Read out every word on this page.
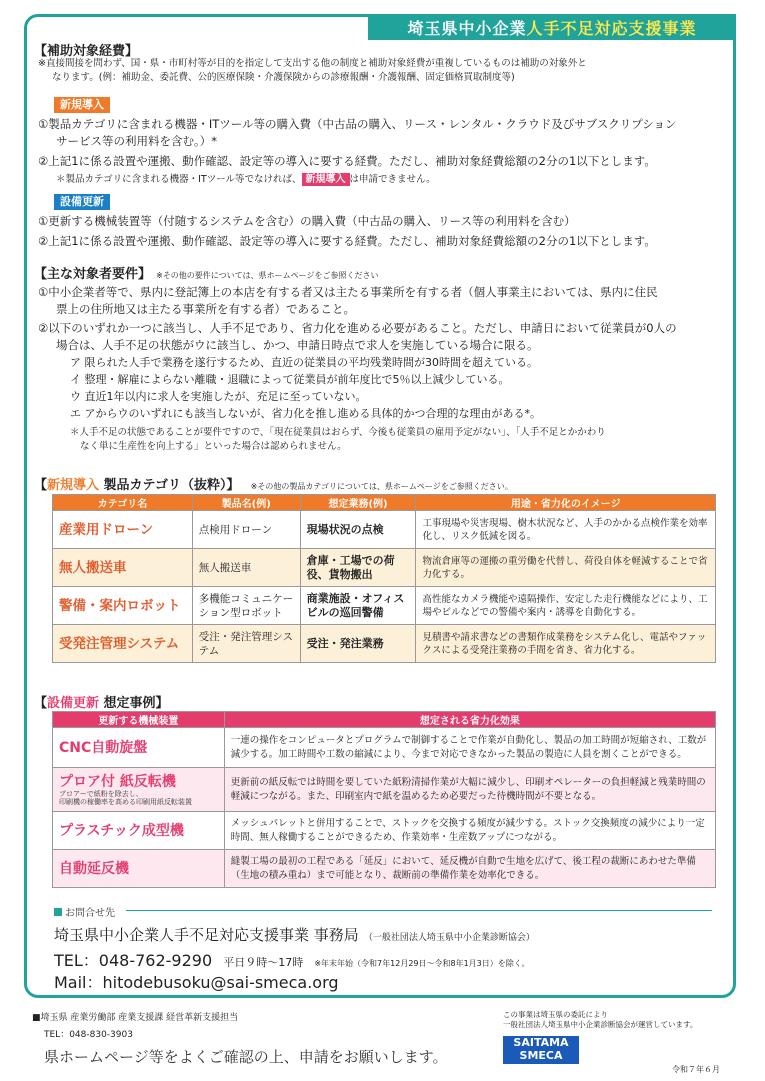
埼玉県中小企業 人手不足対応支援事業
【補助対象経費】
※直接間接を問わず、国・県・市町村等が目的を指定して支出する他の制度と補助対象経費が重複しているものは補助の対象外と
なります。(例：補助金、委託費、公的医療保険・介護保険からの診療報酬・介護報酬、固定価格買取制度等)
新規導入
①製品カテゴリに含まれる機器・ITツール等の購入費（中古品の購入、リース・レンタル・クラウド及びサブスクリプション
サービス等の利用料を含む。）*
②上記1に係る設置や運搬、動作確認、設定等の導入に要する経費。ただし、補助対象経費総額の2分の1以下とします。
＊製品カテゴリに含まれる機器・ITツール等でなければ、 新規導入 は申請できません。
設備更新
①更新する機械装置等（付随するシステムを含む）の購入費（中古品の購入、リース等の利用料を含む）
②上記1に係る設置や運搬、動作確認、設定等の導入に要する経費。ただし、補助対象経費総額の2分の1以下とします。
【主な対象者要件】 ※その他の要件については、県ホームページをご参照ください
①中小企業者等で、県内に登記簿上の本店を有する者又は主たる事業所を有する者（個人事業主においては、県内に住民
票上の住所地又は主たる事業所を有する者）であること。
②以下のいずれか一つに該当し、人手不足であり、省力化を進める必要があること。ただし、申請日において従業員が0人の
場合は、人手不足の状態がウに該当し、かつ、申請日時点で求人を実施している場合に限る。
ア 限られた人手で業務を遂行するため、直近の従業員の平均残業時間が30時間を超えている。
イ 整理・解雇によらない離職・退職によって従業員が前年度比で5％以上減少している。
ウ 直近1年以内に求人を実施したが、充足に至っていない。
エ アからウのいずれにも該当しないが、省力化を推し進める具体的かつ合理的な理由がある*。
＊人手不足の状態であることが要件ですので、「現在従業員はおらず、今後も従業員の雇用予定がない」、「人手不足とかかわり
なく単に生産性を向上する」といった場合は認められません。
【新規導入 製品カテゴリ（抜粋）】 ※その他の製品カテゴリについては、県ホームページをご参照ください。
カテゴリ名	製品名(例)	想定業務(例)	用途・省力化のイメージ
産業用ドローン	点検用ドローン	現場状況の点検	工事現場や災害現場、樹木状況など、人手のかかる点検作業を効率化し、リスク低減を図る。
無人搬送車	無人搬送車	倉庫・工場での荷役、貨物搬出	物流倉庫等の運搬の重労働を代替し、荷役自体を軽減することで省力化する。
警備・案内ロボット	多機能コミュニケーション型ロボット	商業施設・オフィスビルの巡回警備	高性能なカメラ機能や遠隔操作、安定した走行機能などにより、工場やビルなどでの警備や案内・誘導を自動化する。
受発注管理システム	受注・発注管理システム	受注・発注業務	見積書や請求書などの書類作成業務をシステム化し、電話やファックスによる受発注業務の手間を省き、省力化する。
【設備更新 想定事例】
更新する機械装置	想定される省力化効果
CNC自動旋盤	一連の操作をコンピュータとプログラムで制御することで作業が自動化し、製品の加工時間が短縮され、工数が減少する。加工時間や工数の縮減により、今まで対応できなかった製品の製造に人員を割くことができる。
プロア付 紙反転機
ブロアーで紙粉を除去し、
印刷機の稼働率を高める印刷用紙反転装置	更新前の紙反転では時間を要していた紙粉清掃作業が大幅に減少し、印刷オペレーターの負担軽減と残業時間の軽減につながる。また、印刷室内で紙を温めるため必要だった待機時間が不要となる。
プラスチック成型機	メッシュパレットと併用することで、ストックを交換する頻度が減少する。ストック交換頻度の減少により一定時間、無人稼働することができるため、作業効率・生産数アップにつながる。
自動延反機	縫製工場の最初の工程である「延反」において、延反機が自動で生地を広げて、後工程の裁断にあわせた準備（生地の積み重ね）まで可能となり、裁断前の準備作業を効率化できる。
お問合せ先
埼玉県中小企業人手不足対応支援事業 事務局 （一般社団法人埼玉県中小企業診断協会）
TEL：048-762-9290 平日９時～17時 ※年末年始（令和7年12月29日～令和8年1月3日）を除く。
Mail：hitodebusoku@sai-smeca.org
■埼玉県 産業労働部 産業支援課 経営革新支援担当
TEL：048-830-3903
県ホームページ等をよくご確認の上、申請をお願いします。
この事業は埼玉県の委託により
一般社団法人埼玉県中小企業診断協会が運営しています。
SAITAMA
SMECA
令和７年６月
